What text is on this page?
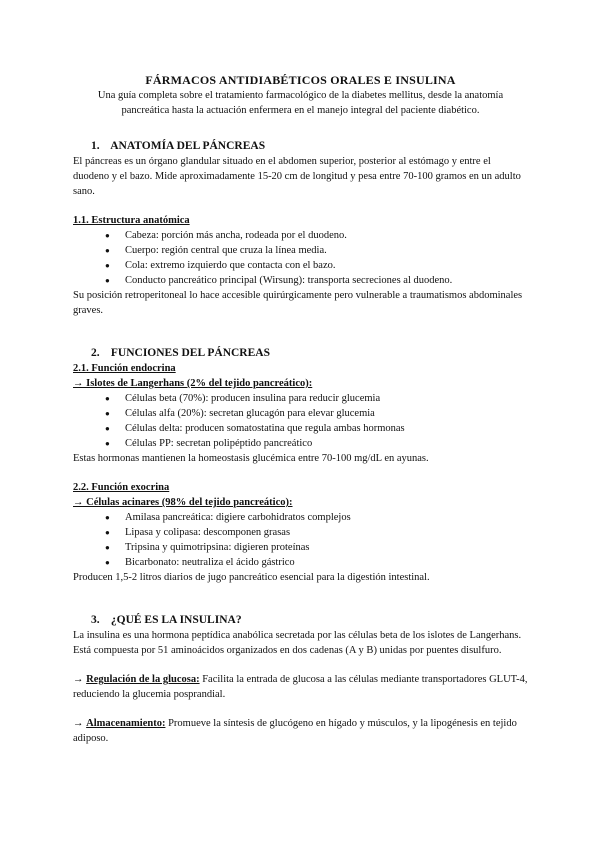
FÁRMACOS ANTIDIABÉTICOS ORALES E INSULINA

Una guía completa sobre el tratamiento farmacológico de la diabetes mellitus, desde la anatomía pancreática hasta la actuación enfermera en el manejo integral del paciente diabético.

1. ANATOMÍA DEL PÁNCREAS

El páncreas es un órgano glandular situado en el abdomen superior, posterior al estómago y entre el duodeno y el bazo. Mide aproximadamente 15-20 cm de longitud y pesa entre 70-100 gramos en un adulto sano.

1.1. Estructura anatómica

● Cabeza: porción más ancha, rodeada por el duodeno.
● Cuerpo: región central que cruza la línea media.
● Cola: extremo izquierdo que contacta con el bazo.
● Conducto pancreático principal (Wirsung): transporta secreciones al duodeno.

Su posición retroperitoneal lo hace accesible quirúrgicamente pero vulnerable a traumatismos abdominales graves.

2. FUNCIONES DEL PÁNCREAS

2.1. Función endocrina

→ Islotes de Langerhans (2% del tejido pancreático):

● Células beta (70%): producen insulina para reducir glucemia
● Células alfa (20%): secretan glucagón para elevar glucemia
● Células delta: producen somatostatina que regula ambas hormonas
● Células PP: secretan polipéptido pancreático

Estas hormonas mantienen la homeostasis glucémica entre 70-100 mg/dL en ayunas.

2.2. Función exocrina

→ Células acinares (98% del tejido pancreático):

● Amilasa pancreática: digiere carbohidratos complejos
● Lipasa y colipasa: descomponen grasas
● Tripsina y quimotripsina: digieren proteínas
● Bicarbonato: neutraliza el ácido gástrico

Producen 1,5-2 litros diarios de jugo pancreático esencial para la digestión intestinal.

3. ¿QUÉ ES LA INSULINA?

La insulina es una hormona peptídica anabólica secretada por las células beta de los islotes de Langerhans. Está compuesta por 51 aminoácidos organizados en dos cadenas (A y B) unidas por puentes disulfuro.

→ Regulación de la glucosa: Facilita la entrada de glucosa a las células mediante transportadores GLUT-4, reduciendo la glucemia posprandial.

→ Almacenamiento: Promueve la síntesis de glucógeno en hígado y músculos, y la lipogénesis en tejido adiposo.
